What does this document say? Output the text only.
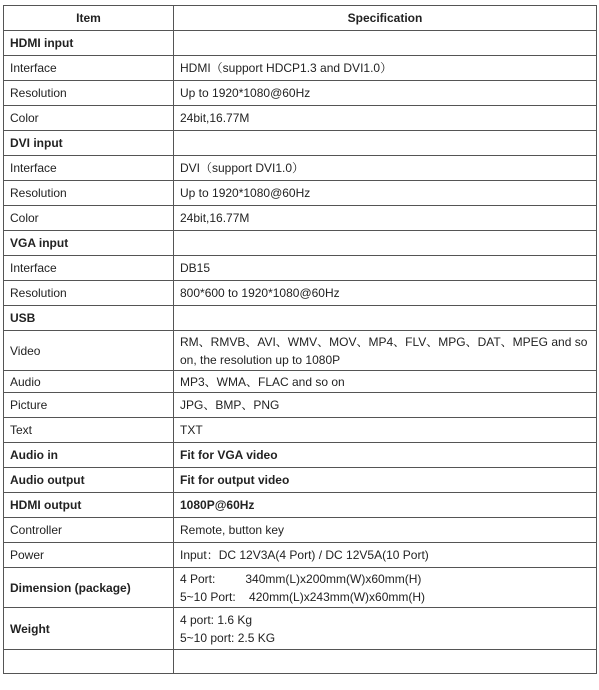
Item	Specification
HDMI input	
Interface	HDMI（support HDCP1.3 and DVI1.0）
Resolution	Up to 1920*1080@60Hz
Color	24bit,16.77M
DVI input	
Interface	DVI（support DVI1.0）
Resolution	Up to 1920*1080@60Hz
Color	24bit,16.77M
VGA input	
Interface	DB15
Resolution	800*600 to 1920*1080@60Hz
USB	
Video	RM、RMVB、AVI、WMV、MOV、MP4、FLV、MPG、DAT、MPEG and so on, the resolution up to 1080P
Audio	MP3、WMA、FLAC and so on
Picture	JPG、BMP、PNG
Text	TXT
Audio in	Fit for VGA video
Audio output	Fit for output video
HDMI output	1080P@60Hz
Controller	Remote, button key
Power	Input：DC 12V3A(4 Port) / DC 12V5A(10 Port)
Dimension (package)	4 Port:         340mm(L)x200mm(W)x60mm(H)
5~10 Port:    420mm(L)x243mm(W)x60mm(H)

Weight	4 port: 1.6 Kg
5~10 port: 2.5 KG
